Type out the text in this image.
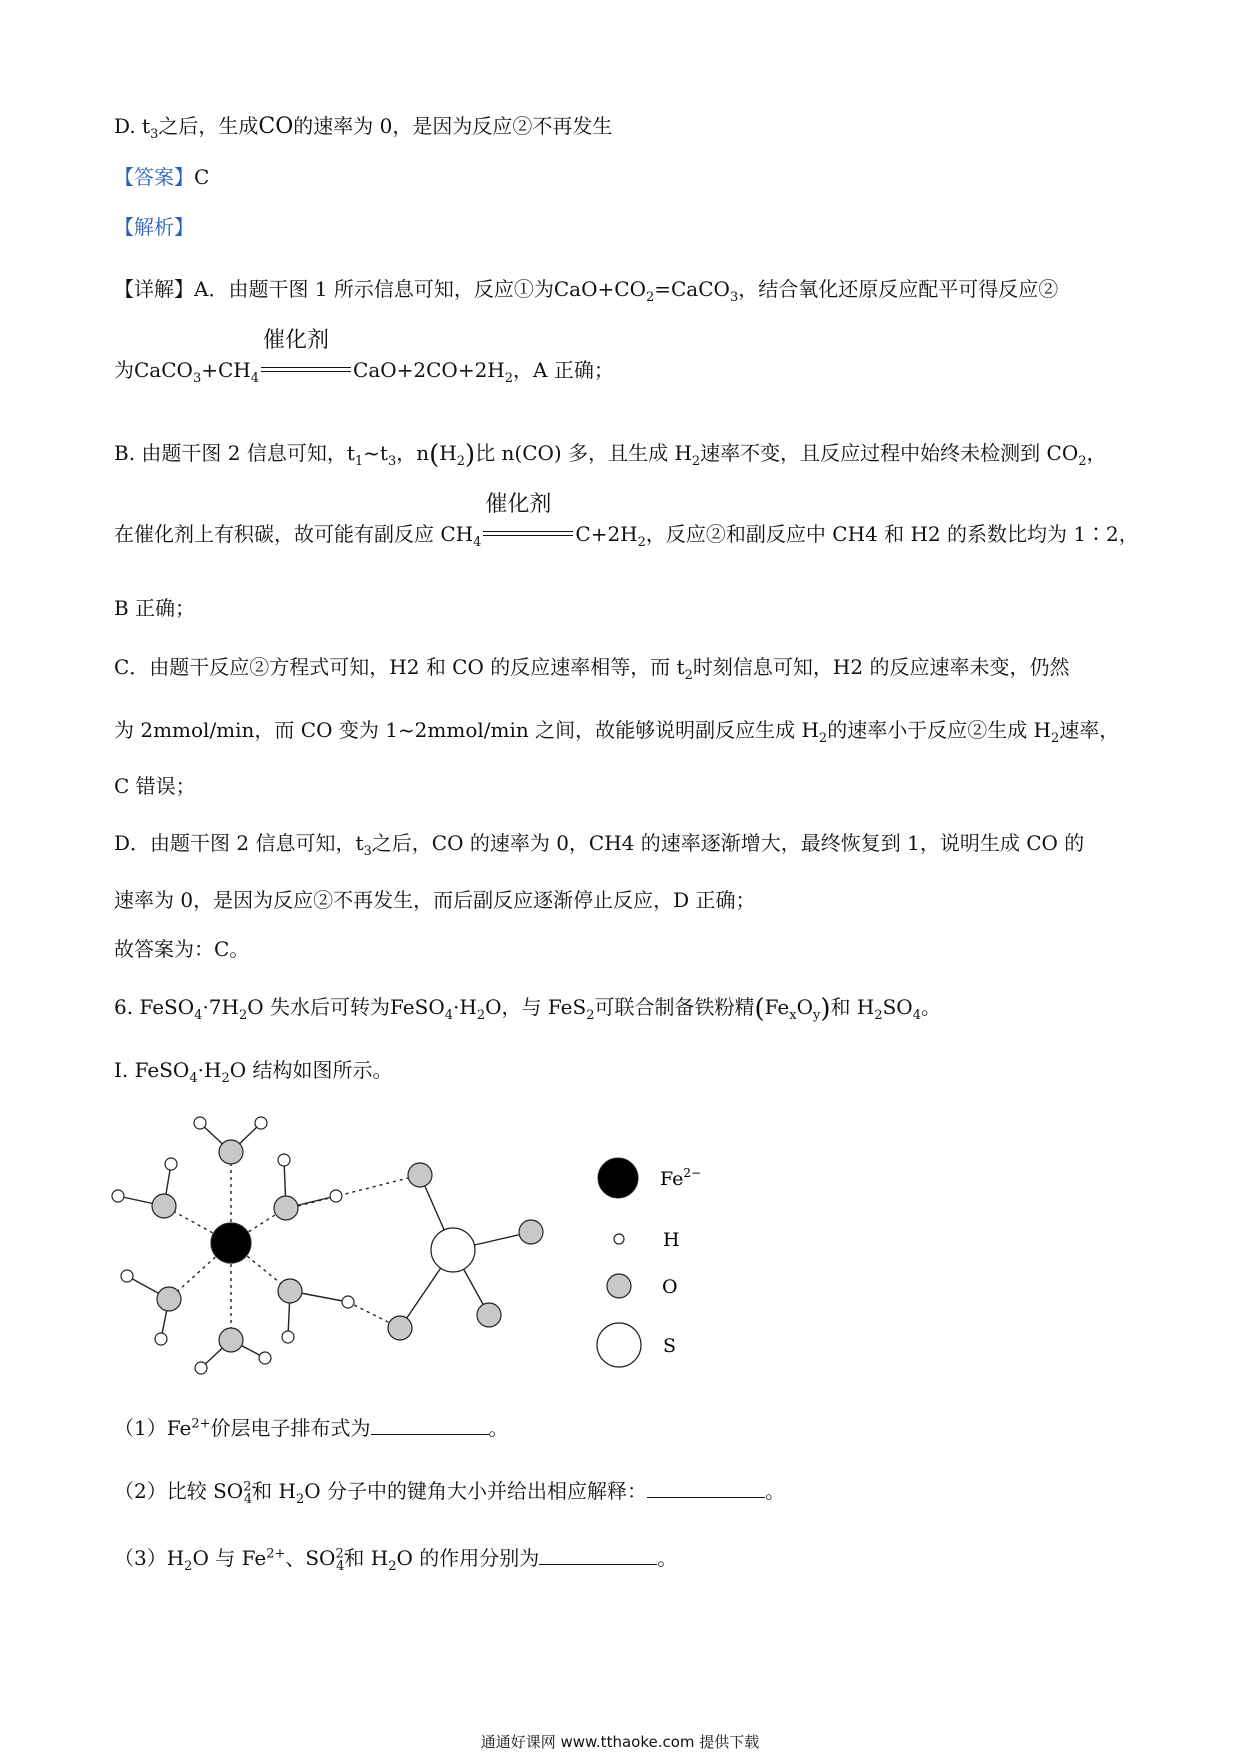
D. $t_3$之后，生成CO的速率为 0，是因为反应②不再发生
【答案】C
【解析】
【详解】A．由题干图 1 所示信息可知，反应①为$CaO+CO_2=CaCO_3$，结合氧化还原反应配平可得反应②
为$CaCO_3+CH_4$
催化剂
$CaO+2CO+2H_2$，A 正确；
B. 由题干图 2 信息可知，$t_1\sim t_3$，$n(H_2)$比 n(CO) 多，且生成 $H_2$速率不变，且反应过程中始终未检测到 $CO_2$，
在催化剂上有积碳，故可能有副反应 $CH_4$
催化剂
$C+2H_2$，反应②和副反应中 CH4 和 H2 的系数比均为 1∶2，
B 正确；
C．由题干反应②方程式可知，H2 和 CO 的反应速率相等，而 $t_2$时刻信息可知，H2 的反应速率未变，仍然
为 2mmol/min，而 CO 变为 1~2mmol/min 之间，故能够说明副反应生成 $H_2$的速率小于反应②生成 $H_2$速率，
C 错误；
D．由题干图 2 信息可知，$t_3$之后，CO 的速率为 0，CH4 的速率逐渐增大，最终恢复到 1，说明生成 CO 的
速率为 0，是因为反应②不再发生，而后副反应逐渐停止反应，D 正确；
故答案为：C。
6. $FeSO_4\cdot 7H_2O$ 失水后可转为$FeSO_4\cdot H_2O$，与 FeS$_2$可联合制备铁粉精$(Fe_xO_y)$和 $H_2SO_4$。
I. $FeSO_4\cdot H_2O$ 结构如图所示。
$Fe^{2-}$
H
O
S
$(1)Fe^{2+}$价层电子排布式为	。
（2）比较 $SO^{2-}_4$和 $H_2O$ 分子中的键角大小并给出相应解释：	。
$(3)H_2O$ 与 $Fe^{2+}$、$SO^{2-}_4$和 $H_2O$ 的作用分别为	。
通通好课网 www.tthaoke.com 提供下载
